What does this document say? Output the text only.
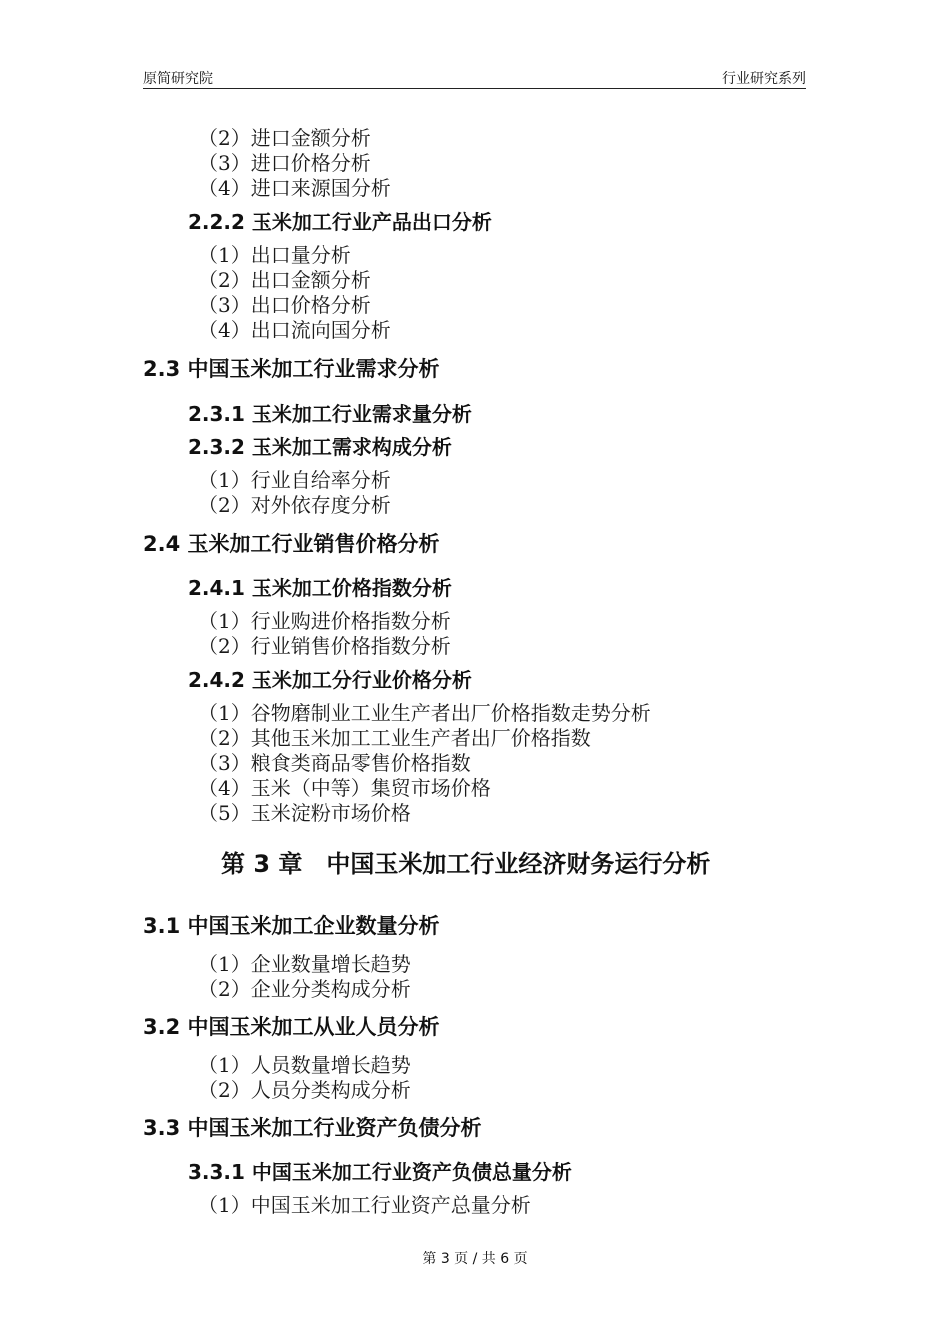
原简研究院	行业研究系列
（2）进口金额分析
（3）进口价格分析
（4）进口来源国分析
2.2.2 玉米加工行业产品出口分析
（1）出口量分析
（2）出口金额分析
（3）出口价格分析
（4）出口流向国分析
2.3 中国玉米加工行业需求分析
2.3.1 玉米加工行业需求量分析
2.3.2 玉米加工需求构成分析
（1）行业自给率分析
（2）对外依存度分析
2.4 玉米加工行业销售价格分析
2.4.1 玉米加工价格指数分析
（1）行业购进价格指数分析
（2）行业销售价格指数分析
2.4.2 玉米加工分行业价格分析
（1）谷物磨制业工业生产者出厂价格指数走势分析
（2）其他玉米加工工业生产者出厂价格指数
（3）粮食类商品零售价格指数
（4）玉米（中等）集贸市场价格
（5）玉米淀粉市场价格
第 3 章　中国玉米加工行业经济财务运行分析
3.1 中国玉米加工企业数量分析
（1）企业数量增长趋势
（2）企业分类构成分析
3.2 中国玉米加工从业人员分析
（1）人员数量增长趋势
（2）人员分类构成分析
3.3 中国玉米加工行业资产负债分析
3.3.1 中国玉米加工行业资产负债总量分析
（1）中国玉米加工行业资产总量分析
第 3 页 / 共 6 页
